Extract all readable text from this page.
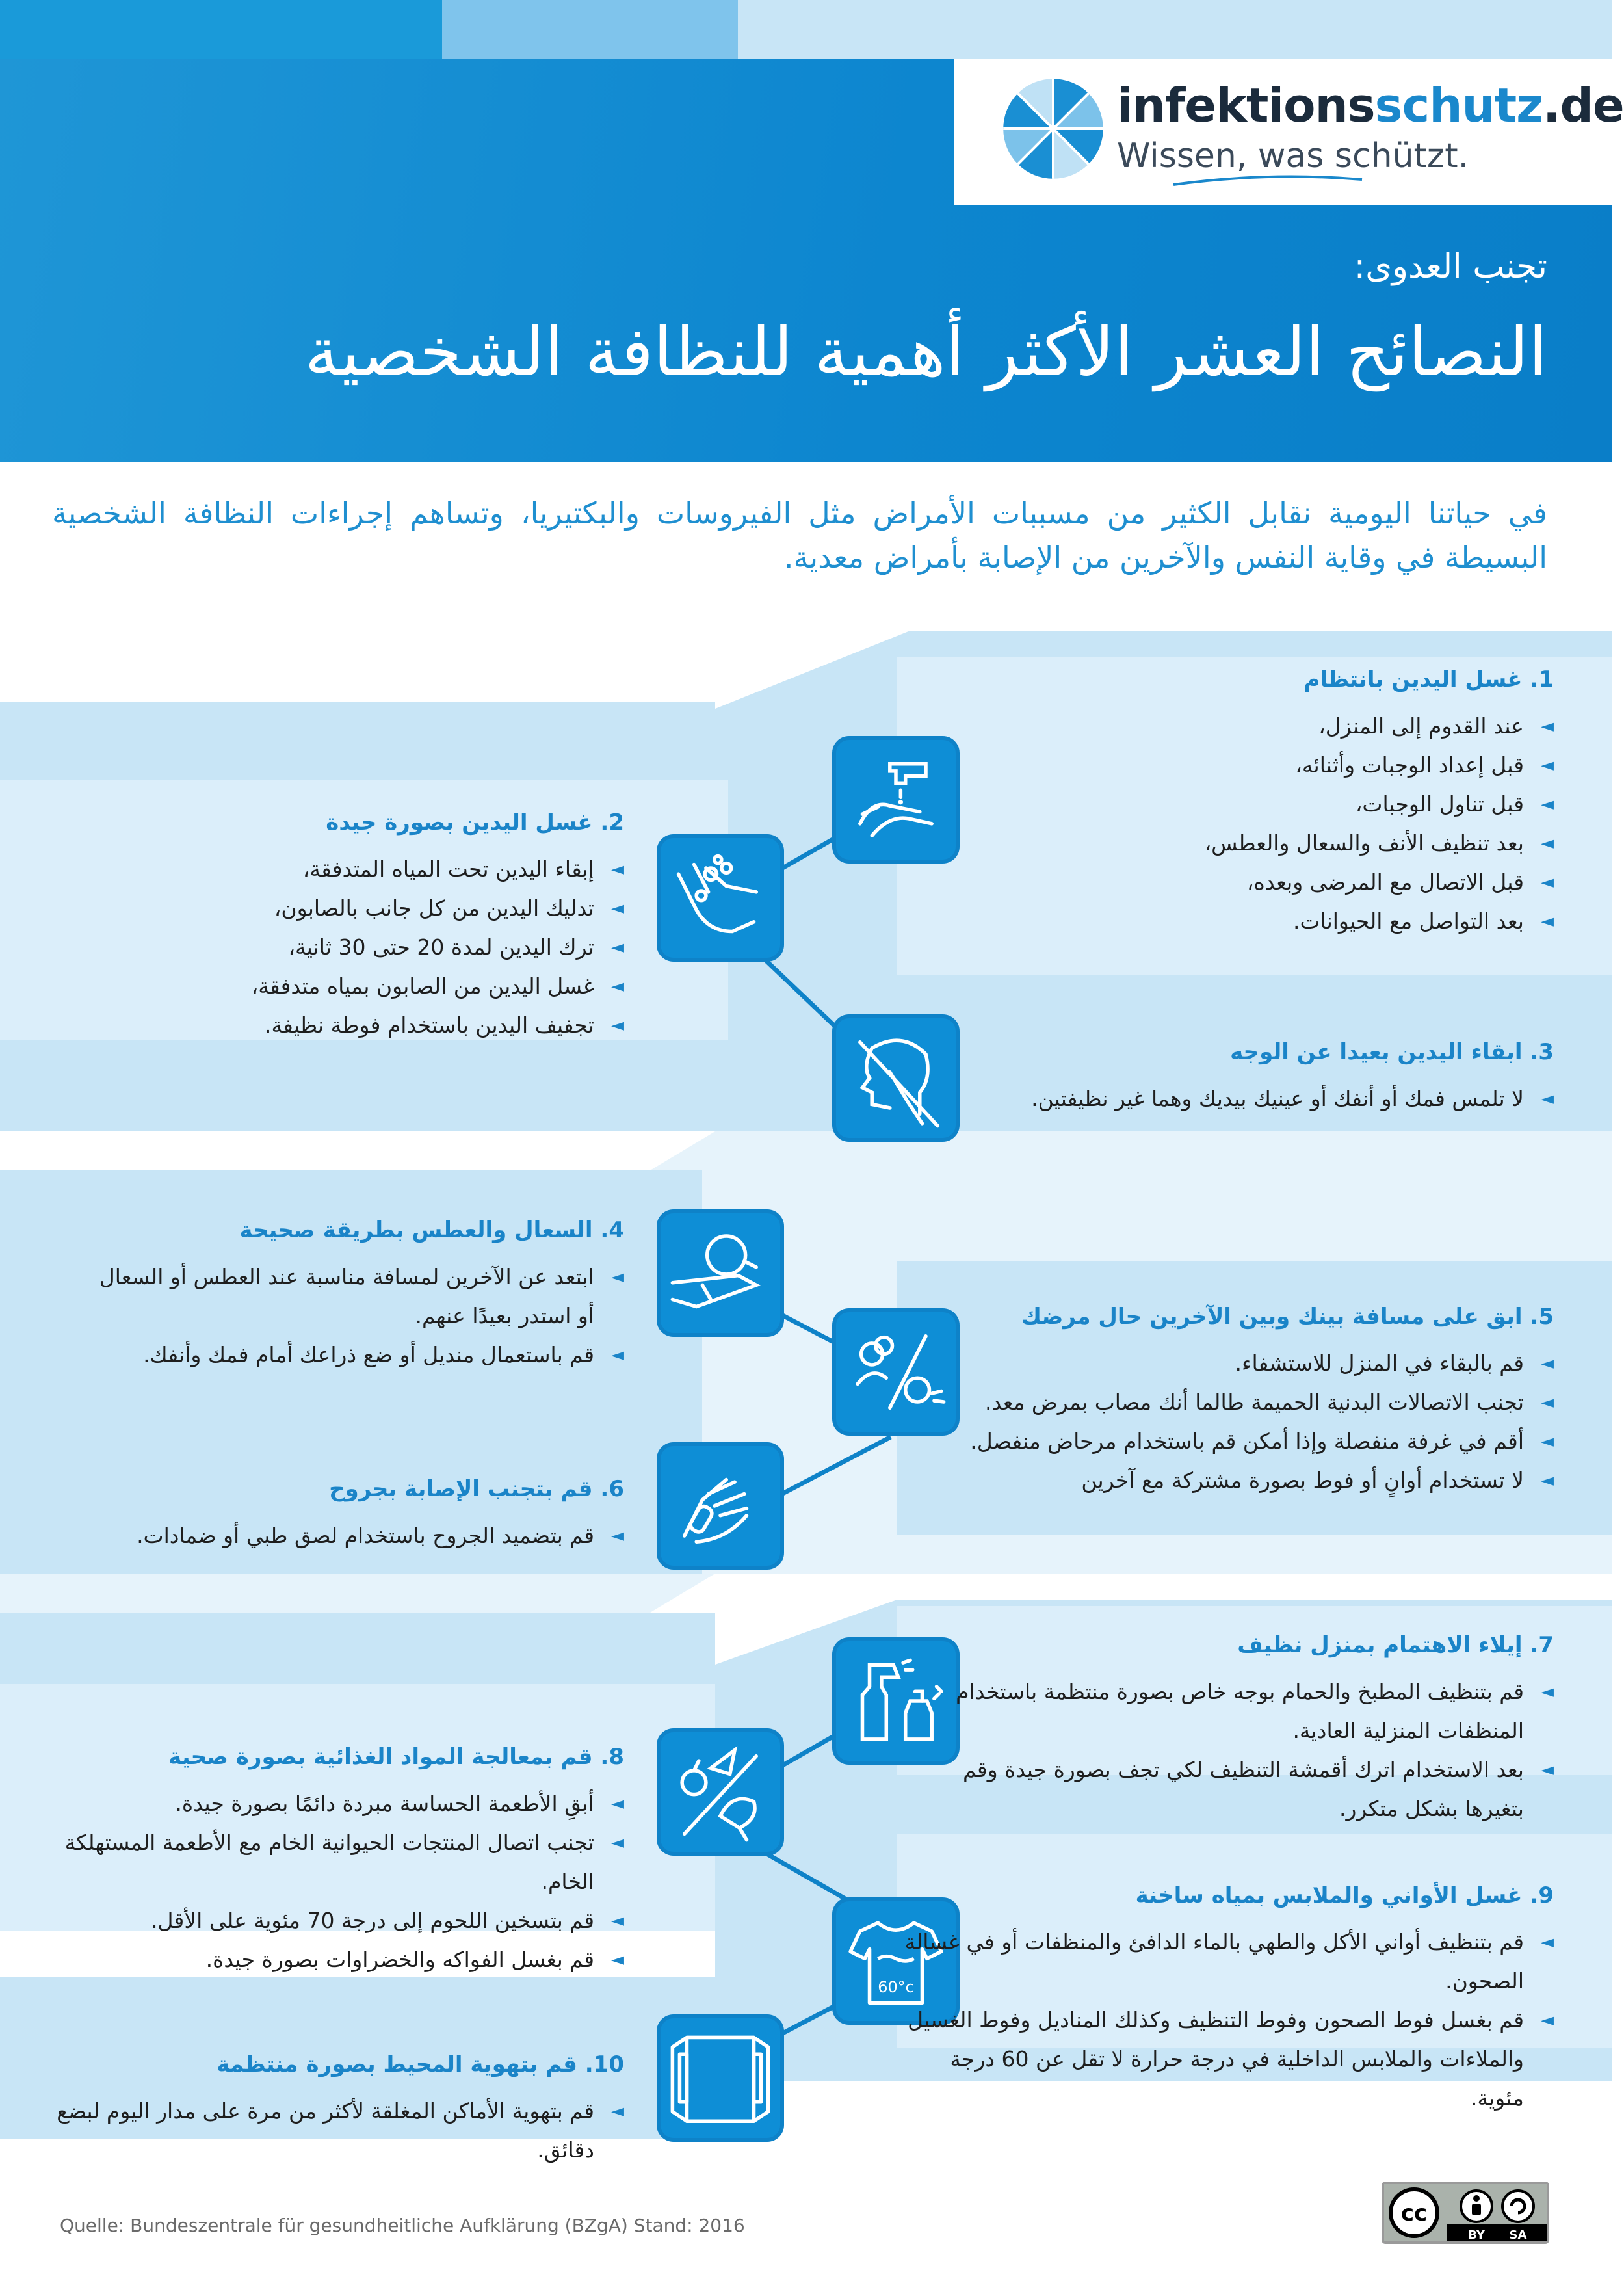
infektionsschutz.de
Wissen, was schützt.
تجنب العدوى:
النصائح العشر الأكثر أهمية للنظافة الشخصية
في حياتنا اليومية نقابل الكثير من مسببات الأمراض مثل الفيروسات والبكتيريا، وتساهم إجراءات النظافة الشخصية البسيطة في وقاية النفس والآخرين من الإصابة بأمراض معدية.
60°c
1. غسل اليدين بانتظام
◄ عند القدوم إلى المنزل،
◄ قبل إعداد الوجبات وأثنائه،
◄ قبل تناول الوجبات،
◄ بعد تنظيف الأنف والسعال والعطس،
◄ قبل الاتصال مع المرضى وبعده،
◄ بعد التواصل مع الحيوانات.
2. غسل اليدين بصورة جيدة
◄ إبقاء اليدين تحت المياه المتدفقة،
◄ تدليك اليدين من كل جانب بالصابون،
◄ ترك اليدين لمدة 20 حتى 30 ثانية،
◄ غسل اليدين من الصابون بمياه متدفقة،
◄ تجفيف اليدين باستخدام فوطة نظيفة.
3. ابقاء اليدين بعيدا عن الوجه
◄ لا تلمس فمك أو أنفك أو عينيك بيديك وهما غير نظيفتين.
4. السعال والعطس بطريقة صحيحة
◄ ابتعد عن الآخرين لمسافة مناسبة عند العطس أو السعال أو استدر بعيدًا عنهم.
◄ قم باستعمال منديل أو ضع ذراعك أمام فمك وأنفك.
5. ابق على مسافة بينك وبين الآخرين حال مرضك
◄ قم بالبقاء في المنزل للاستشفاء.
◄ تجنب الاتصالات البدنية الحميمة طالما أنك مصاب بمرض معد.
◄ أقم في غرفة منفصلة وإذا أمكن قم باستخدام مرحاض منفصل.
◄ لا تستخدام أوانٍ أو فوط بصورة مشتركة مع آخرين
6. قم بتجنب الإصابة بجروح
◄ قم بتضميد الجروح باستخدام لصق طبي أو ضمادات.
7. إيلاء الاهتمام بمنزل نظيف
◄ قم بتنظيف المطبخ والحمام بوجه خاص بصورة منتظمة باستخدام المنظفات المنزلية العادية.
◄ بعد الاستخدام اترك أقمشة التنظيف لكي تجف بصورة جيدة وقم بتغيرها بشكل متكرر.
8. قم بمعالجة المواد الغذائية بصورة صحية
◄ أبقِ الأطعمة الحساسة مبردة دائمًا بصورة جيدة.
◄ تجنب اتصال المنتجات الحيوانية الخام مع الأطعمة المستهلكة الخام.
◄ قم بتسخين اللحوم إلى درجة 70 مئوية على الأقل.
◄ قم بغسل الفواكه والخضراوات بصورة جيدة.
9. غسل الأواني والملابس بمياه ساخنة
◄ قم بتنظيف أواني الأكل والطهي بالماء الدافئ والمنظفات أو في غسالة الصحون.
◄ قم بغسل فوط الصحون وفوط التنظيف وكذلك المناديل وفوط الغسيل والملاءات والملابس الداخلية في درجة حرارة لا تقل عن 60 درجة مئوية.
10. قم بتهوية المحيط بصورة منتظمة
◄ قم بتهوية الأماكن المغلقة لأكثر من مرة على مدار اليوم لبضع دقائق.
Quelle: Bundeszentrale für gesundheitliche Aufklärung (BZgA) Stand: 2016	cc
BY SA
